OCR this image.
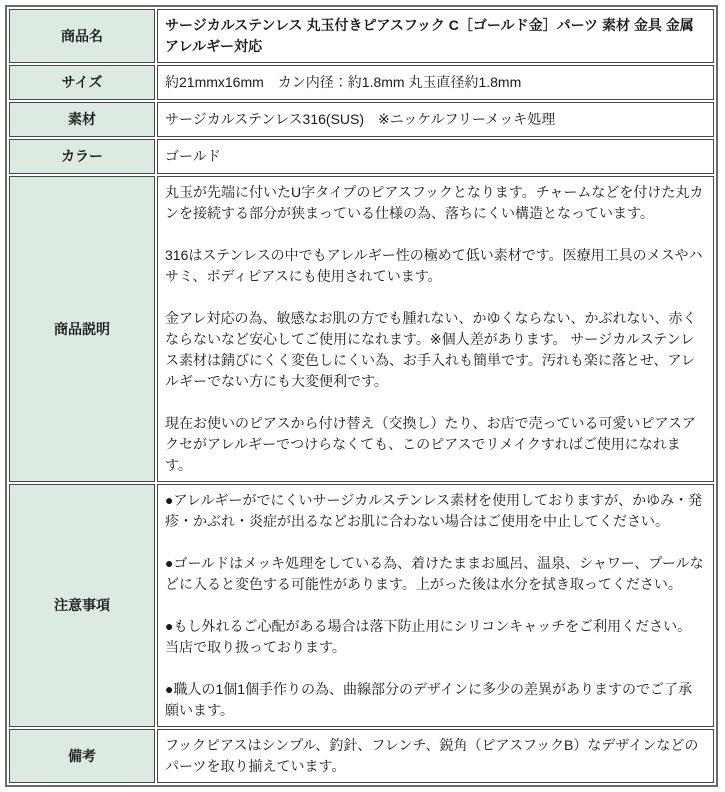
商品名	サージカルステンレス 丸玉付きピアスフック C［ゴールド金］パーツ 素材 金具 金属アレルギー対応

サイズ	約21mmx16mm　カン内径：約1.8mm 丸玉直径約1.8mm

素材	サージカルステンレス316(SUS)　※ニッケルフリーメッキ処理

カラー	ゴールド

商品説明	丸玉が先端に付いたU字タイプのピアスフックとなります。チャームなどを付けた丸カンを接続する部分が狭まっている仕様の為、落ちにくい構造となっています。

316はステンレスの中でもアレルギー性の極めて低い素材です。医療用工具のメスやハサミ、ボディピアスにも使用されています。

金アレ対応の為、敏感なお肌の方でも腫れない、かゆくならない、かぶれない、赤くならないなど安心してご使用になれます。※個人差があります。 サージカルステンレス素材は錆びにくく変色しにくい為、お手入れも簡単です。汚れも楽に落とせ、アレルギーでない方にも大変便利です。

現在お使いのピアスから付け替え（交換し）たり、お店で売っている可愛いピアスアクセがアレルギーでつけらなくても、このピアスでリメイクすればご使用になれます。

注意事項	●アレルギーがでにくいサージカルステンレス素材を使用しておりますが、かゆみ・発疹・かぶれ・炎症が出るなどお肌に合わない場合はご使用を中止してください。

●ゴールドはメッキ処理をしている為、着けたままお風呂、温泉、シャワー、プールなどに入ると変色する可能性があります。上がった後は水分を拭き取ってください。

●もし外れるご心配がある場合は落下防止用にシリコンキャッチをご利用ください。当店で取り扱っております。

●職人の1個1個手作りの為、曲線部分のデザインに多少の差異がありますのでご了承願います。

備考	フックピアスはシンプル、釣針、フレンチ、鋭角（ピアスフックB）なデザインなどのパーツを取り揃えています。
